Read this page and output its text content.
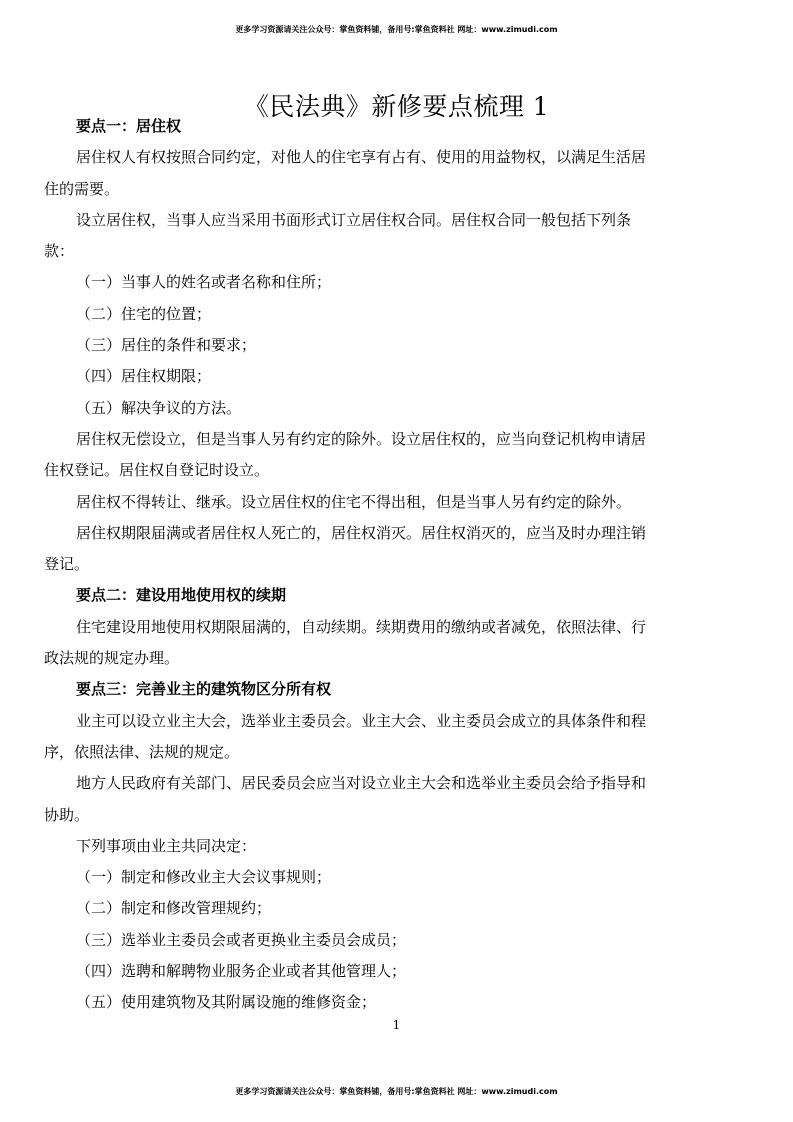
更多学习资源请关注公众号：掌鱼资料铺，备用号:掌鱼资料社 网址：www.zimudi.com
《民法典》新修要点梳理 1
要点一：居住权
居住权人有权按照合同约定，对他人的住宅享有占有、使用的用益物权，以满足生活居
住的需要。
设立居住权，当事人应当采用书面形式订立居住权合同。居住权合同一般包括下列条
款：
（一）当事人的姓名或者名称和住所；
（二）住宅的位置；
（三）居住的条件和要求；
（四）居住权期限；
（五）解决争议的方法。
居住权无偿设立，但是当事人另有约定的除外。设立居住权的，应当向登记机构申请居
住权登记。居住权自登记时设立。
居住权不得转让、继承。设立居住权的住宅不得出租，但是当事人另有约定的除外。
居住权期限届满或者居住权人死亡的，居住权消灭。居住权消灭的，应当及时办理注销
登记。
要点二：建设用地使用权的续期
住宅建设用地使用权期限届满的，自动续期。续期费用的缴纳或者减免，依照法律、行
政法规的规定办理。
要点三：完善业主的建筑物区分所有权
业主可以设立业主大会，选举业主委员会。业主大会、业主委员会成立的具体条件和程
序，依照法律、法规的规定。
地方人民政府有关部门、居民委员会应当对设立业主大会和选举业主委员会给予指导和
协助。
下列事项由业主共同决定：
（一）制定和修改业主大会议事规则；
（二）制定和修改管理规约；
（三）选举业主委员会或者更换业主委员会成员；
（四）选聘和解聘物业服务企业或者其他管理人；
（五）使用建筑物及其附属设施的维修资金；
1
更多学习资源请关注公众号：掌鱼资料铺，备用号:掌鱼资料社 网址：www.zimudi.com
